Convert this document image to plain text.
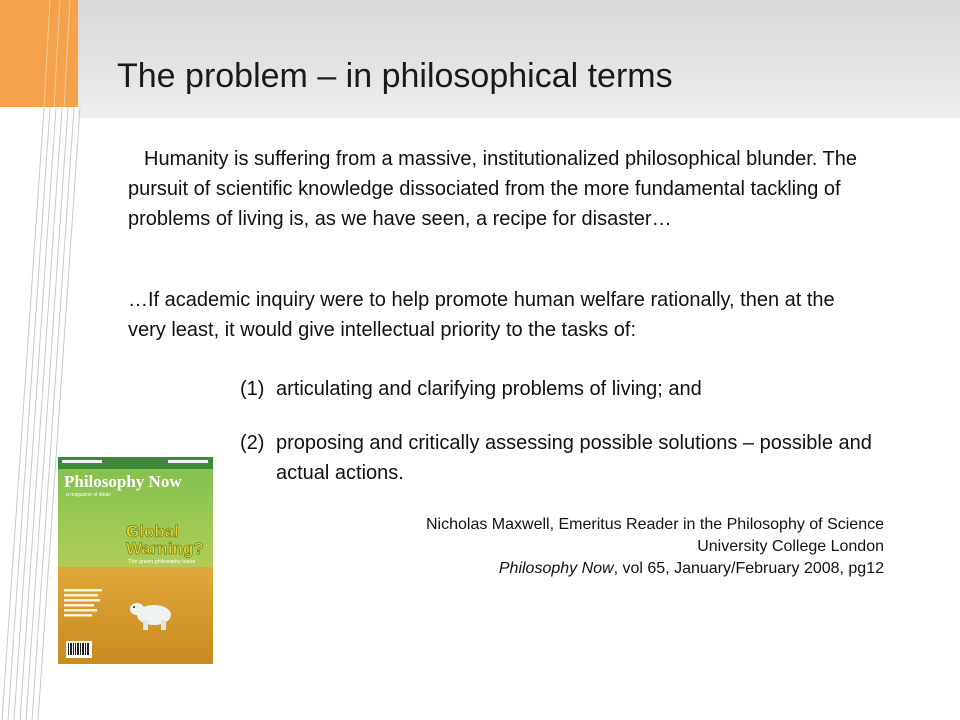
The problem – in philosophical terms

Humanity is suffering from a massive, institutionalized philosophical blunder. The pursuit of scientific knowledge dissociated from the more fundamental tackling of problems of living is, as we have seen, a recipe for disaster…

…If academic inquiry were to help promote human welfare rationally, then at the very least, it would give intellectual priority to the tasks of:

(1) articulating and clarifying problems of living; and
(2) proposing and critically assessing possible solutions – possible and actual actions.
Nicholas Maxwell, Emeritus Reader in the Philosophy of Science
University College London
Philosophy Now, vol 65, January/February 2008, pg12
Philosophy Now
a magazine of ideas
Global
Warning?
The green philosophy issue
